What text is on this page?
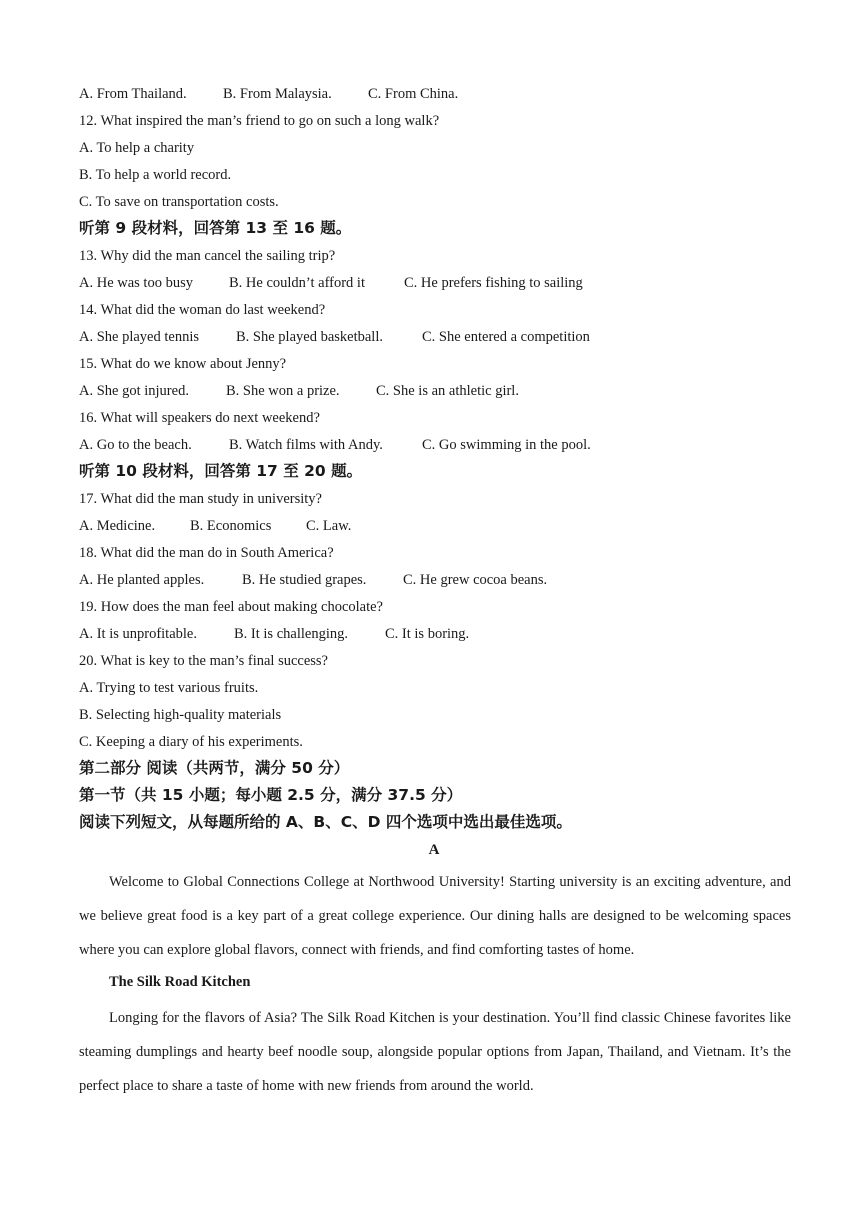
A. From Thailand.	B. From Malaysia.	C. From China.
12. What inspired the man’s friend to go on such a long walk?
A. To help a charity
B. To help a world record.
C. To save on transportation costs.
听第 9 段材料，回答第 13 至 16 题。
13. Why did the man cancel the sailing trip?
A. He was too busy B. He couldn’t afford it	C. He prefers fishing to sailing
14. What did the woman do last weekend?
A. She played tennis	B. She played basketball.	C. She entered a competition
15. What do we know about Jenny?
A. She got injured.	B. She won a prize.	C. She is an athletic girl.
16. What will speakers do next weekend?
A. Go to the beach.	B. Watch films with Andy.	C. Go swimming in the pool.
听第 10 段材料，回答第 17 至 20 题。
17. What did the man study in university?
A. Medicine. B. Economics C. Law.
18. What did the man do in South America?
A. He planted apples.	B. He studied grapes.	C. He grew cocoa beans.
19. How does the man feel about making chocolate?
A. It is unprofitable.	B. It is challenging.	C. It is boring.
20. What is key to the man’s final success?
A. Trying to test various fruits.
B. Selecting high-quality materials
C. Keeping a diary of his experiments.
第二部分 阅读（共两节，满分 50 分）
第一节（共 15 小题；每小题 2.5 分，满分 37.5 分）
阅读下列短文，从每题所给的 A、B、C、D 四个选项中选出最佳选项。
A
Welcome to Global Connections College at Northwood University! Starting university is an exciting adventure, and we believe great food is a key part of a great college experience. Our dining halls are designed to be welcoming spaces where you can explore global flavors, connect with friends, and find comforting tastes of home.
The Silk Road Kitchen
Longing for the flavors of Asia? The Silk Road Kitchen is your destination. You’ll find classic Chinese favorites like steaming dumplings and hearty beef noodle soup, alongside popular options from Japan, Thailand, and Vietnam. It’s the perfect place to share a taste of home with new friends from around the world.
